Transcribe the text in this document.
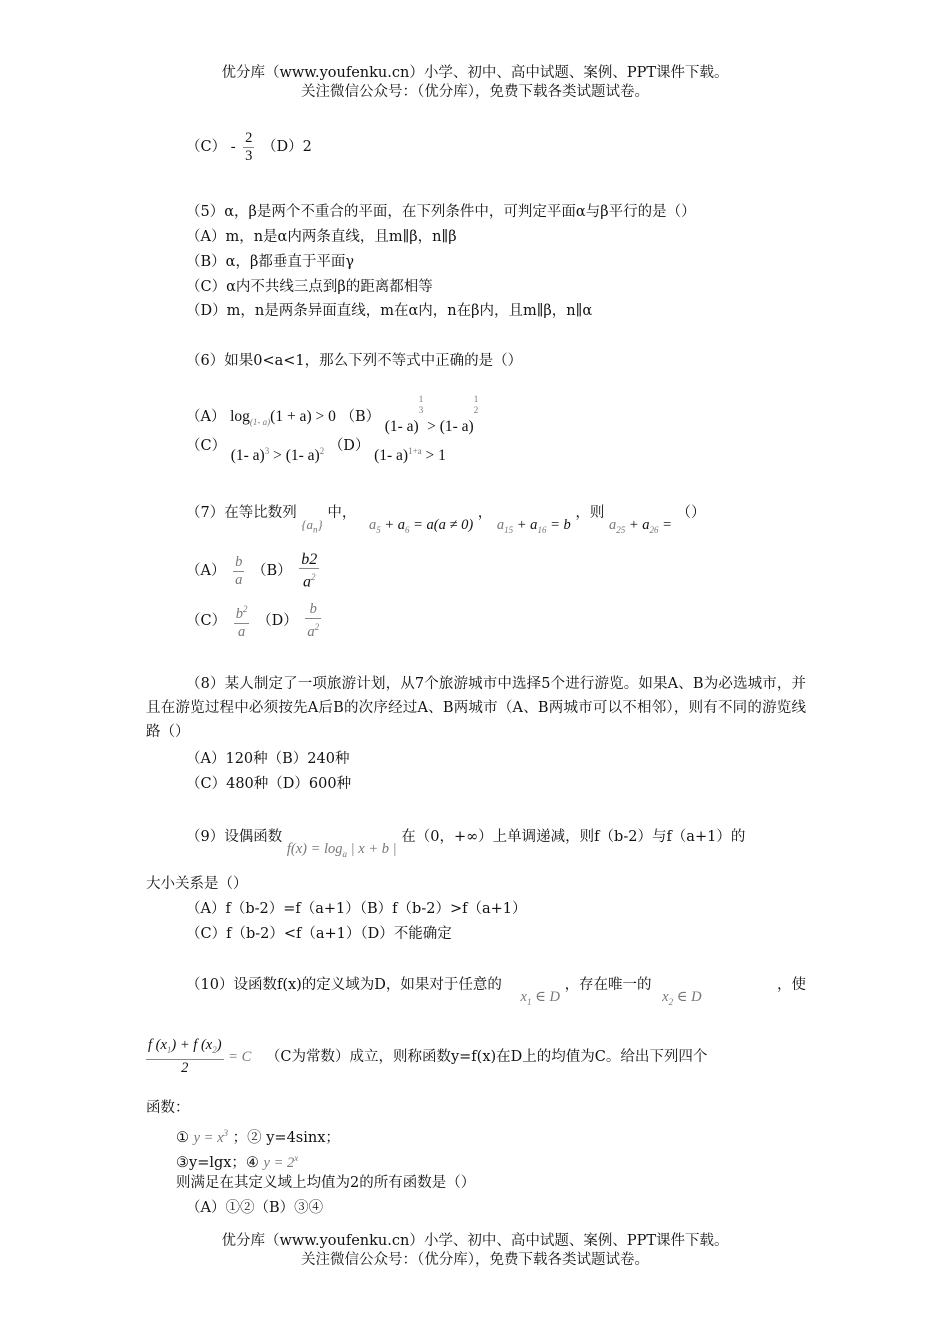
优分库（www.youfenku.cn）小学、初中、高中试题、案例、PPT课件下载。
关注微信公众号：（优分库），免费下载各类试题试卷。
$(C) - \frac{2}{3} (D)2$
（5）α，β是两个不重合的平面，在下列条件中，可判定平面α与β平行的是（）
（A）m，n是α内两条直线，且m∥β，n∥β
（B）α，β都垂直于平面γ
（C）α内不共线三点到β的距离都相等
（D）m，n是两条异面直线，m在α内，n在β内，且m∥β，n∥α
（6）如果0<a<1，那么下列不等式中正确的是（）
（A） $\log_{(1- a)}(1 + a) > 0$ （B） (1- a)
$^{1 3}$
> (1- a)
$^{1 2}$
（C） (1- a)$^3$ > (1- a)$^2$ （D） (1- a)$^{1+a}$ > 1
（7）在等比数列 $\{a_n\}$ 中， $a_5 + a_6 = a(a \ne 0)$ ， $a_{15} + a_{16} = b$ ，则 $a_{25} + a_{26}$ = （）
$(A) \frac{b}{a} (B) \frac{b2}{a^2}$
$(C) \frac{b^2}{a} (D) \frac{b}{a^2}$
（8）某人制定了一项旅游计划，从7个旅游城市中选择5个进行游览。如果A、B为必选城市，并且在游览过程中必须按先A后B的次序经过A、B两城市（A、B两城市可以不相邻），则有不同的游览线路（）
（A）120种（B）240种
（C）480种（D）600种
（9）设偶函数 $f(x) = \log_a$ | x + b | 在（0，+∞）上单调递减，则f（b-2）与f（a+1）的
大小关系是（）
（A）f（b-2）=f（a+1）（B）f（b-2）>f（a+1）
（C）f（b-2）<f（a+1）（D）不能确定
（10）设函数f(x)的定义域为D，如果对于任意的 $x_1$ ∈ D ，存在唯一的 $x_2$ ∈ D
，使
$\frac{f (x_1) + f (x_2)}{2} = C$ （C为常数）成立，则称函数y=f(x)在D上的均值为C。给出下列四个
函数：
① $y = x^3$ ；② y=4sinx；
③y=lgx；④ $y = 2^x$
则满足在其定义域上均值为2的所有函数是（）
（A）①②（B）③④
优分库（www.youfenku.cn）小学、初中、高中试题、案例、PPT课件下载。
关注微信公众号：（优分库），免费下载各类试题试卷。
